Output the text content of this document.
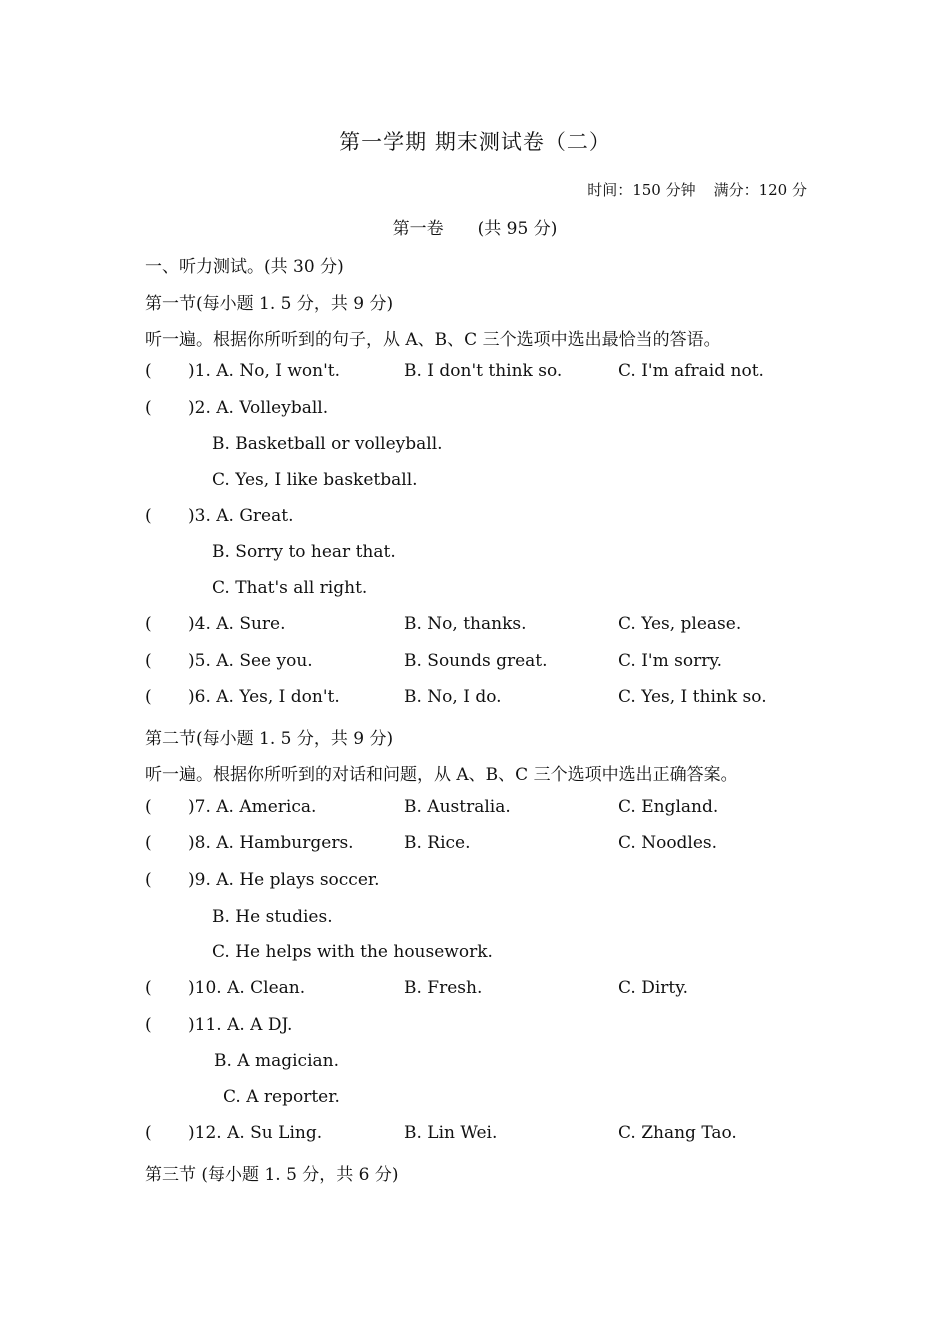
第一学期 期末测试卷（二）
时间：150 分钟 满分：120 分
第一卷 (共 95 分)
一、听力测试。(共 30 分)
第一节(每小题 1. 5 分，共 9 分)
听一遍。根据你所听到的句子，从 A、B、C 三个选项中选出最恰当的答语。
( )1. A. No, I won't.	B. I don't think so.	C. I'm afraid not.
( )2. A. Volleyball.
B. Basketball or volleyball.
C. Yes, I like basketball.
( )3. A. Great.
B. Sorry to hear that.
C. That's all right.
( )4. A. Sure.	B. No, thanks.	C. Yes, please.
( )5. A. See you.	B. Sounds great.	C. I'm sorry.
( )6. A. Yes, I don't.	B. No, I do.	C. Yes, I think so.
第二节(每小题 1. 5 分，共 9 分)
听一遍。根据你所听到的对话和问题，从 A、B、C 三个选项中选出正确答案。
( )7. A. America.	B. Australia.	C. England.
( )8. A. Hamburgers.	B. Rice.	C. Noodles.
( )9. A. He plays soccer.
B. He studies.
C. He helps with the housework.
( )10. A. Clean.	B. Fresh.	C. Dirty.
( )11. A. A DJ.
B. A magician.
C. A reporter.
( )12. A. Su Ling.	B. Lin Wei.	C. Zhang Tao.
第三节 (每小题 1. 5 分，共 6 分)
